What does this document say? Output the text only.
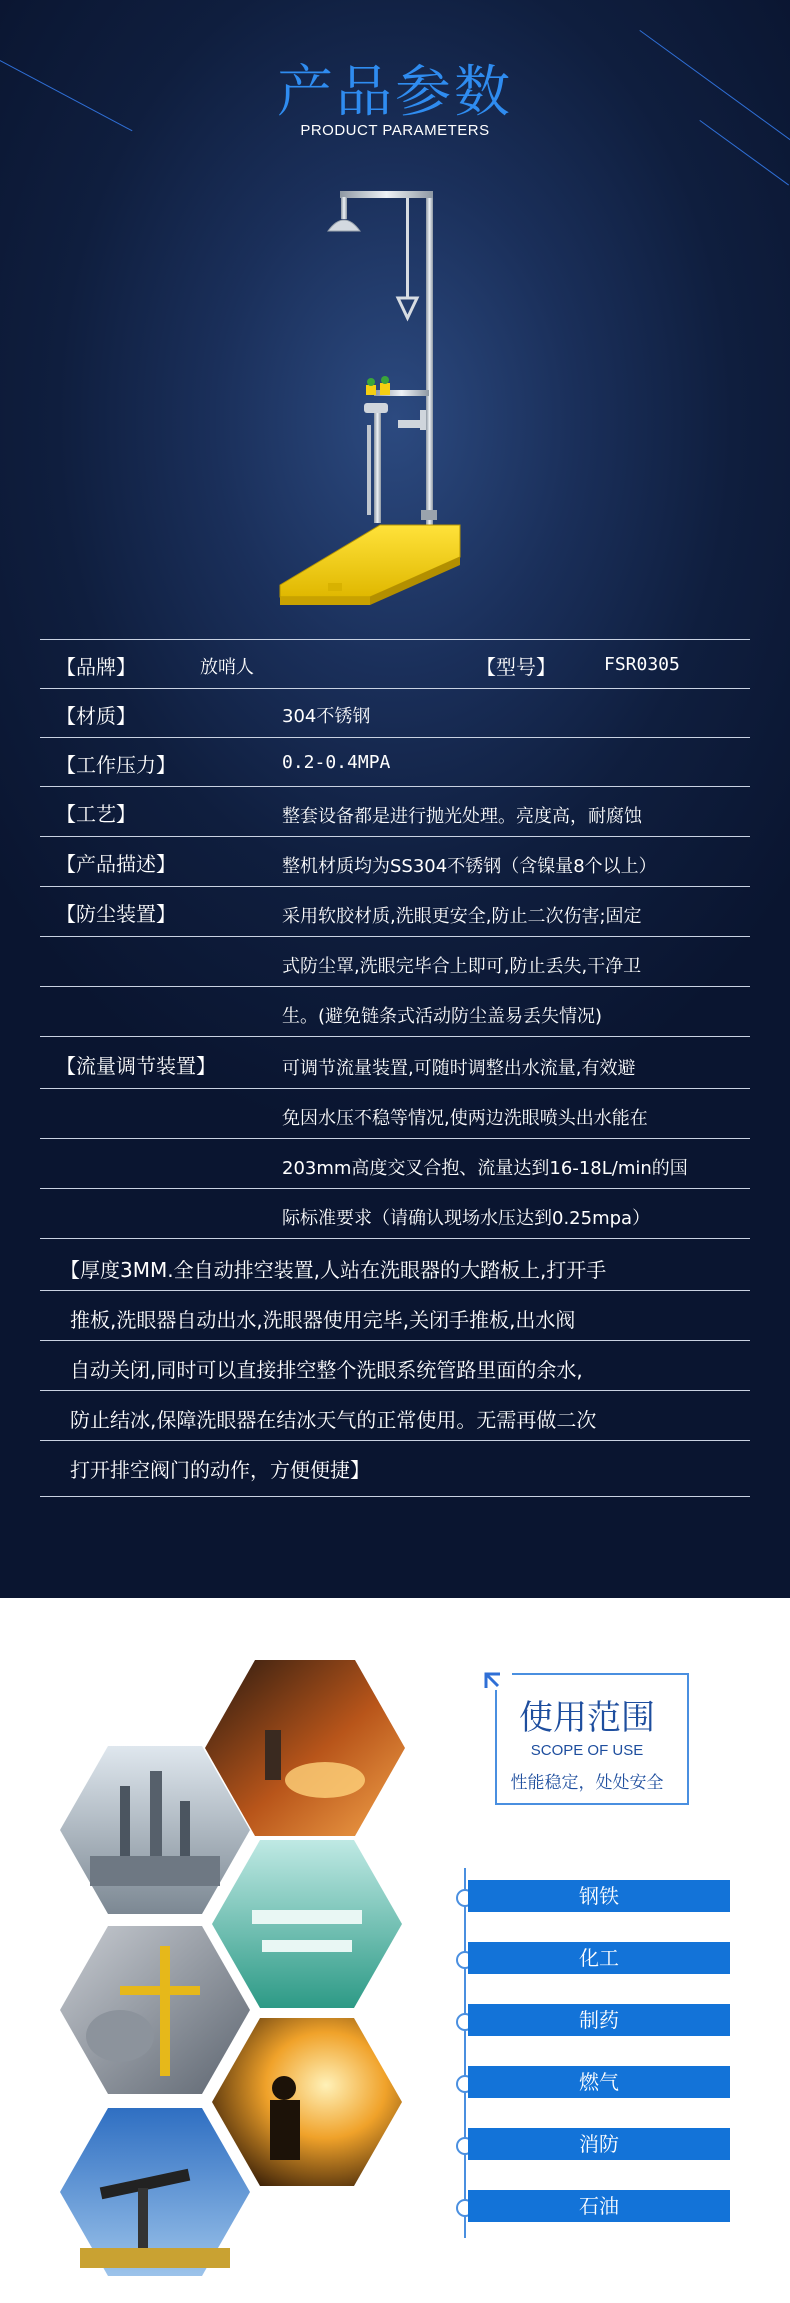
产品参数
PRODUCT PARAMETERS
【品牌】	放哨人	【型号】	FSR0305
【材质】	304不锈钢
【工作压力】	0.2-0.4MPA
【工艺】	整套设备都是进行抛光处理。亮度高，耐腐蚀
【产品描述】	整机材质均为SS304不锈钢（含镍量8个以上）
【防尘装置】	采用软胶材质,洗眼更安全,防止二次伤害;固定
式防尘罩,洗眼完毕合上即可,防止丢失,干净卫
生。(避免链条式活动防尘盖易丢失情况)
【流量调节装置】	可调节流量装置,可随时调整出水流量,有效避
免因水压不稳等情况,使两边洗眼喷头出水能在
203mm高度交叉合抱、流量达到16-18L/min的国
际标准要求（请确认现场水压达到0.25mpa）
【厚度3MM.全自动排空装置,人站在洗眼器的大踏板上,打开手
推板,洗眼器自动出水,洗眼器使用完毕,关闭手推板,出水阀
自动关闭,同时可以直接排空整个洗眼系统管路里面的余水,
防止结冰,保障洗眼器在结冰天气的正常使用。无需再做二次
打开排空阀门的动作，方便便捷】
使用范围
SCOPE OF USE
性能稳定，处处安全
钢铁
化工
制药
燃气
消防
石油
